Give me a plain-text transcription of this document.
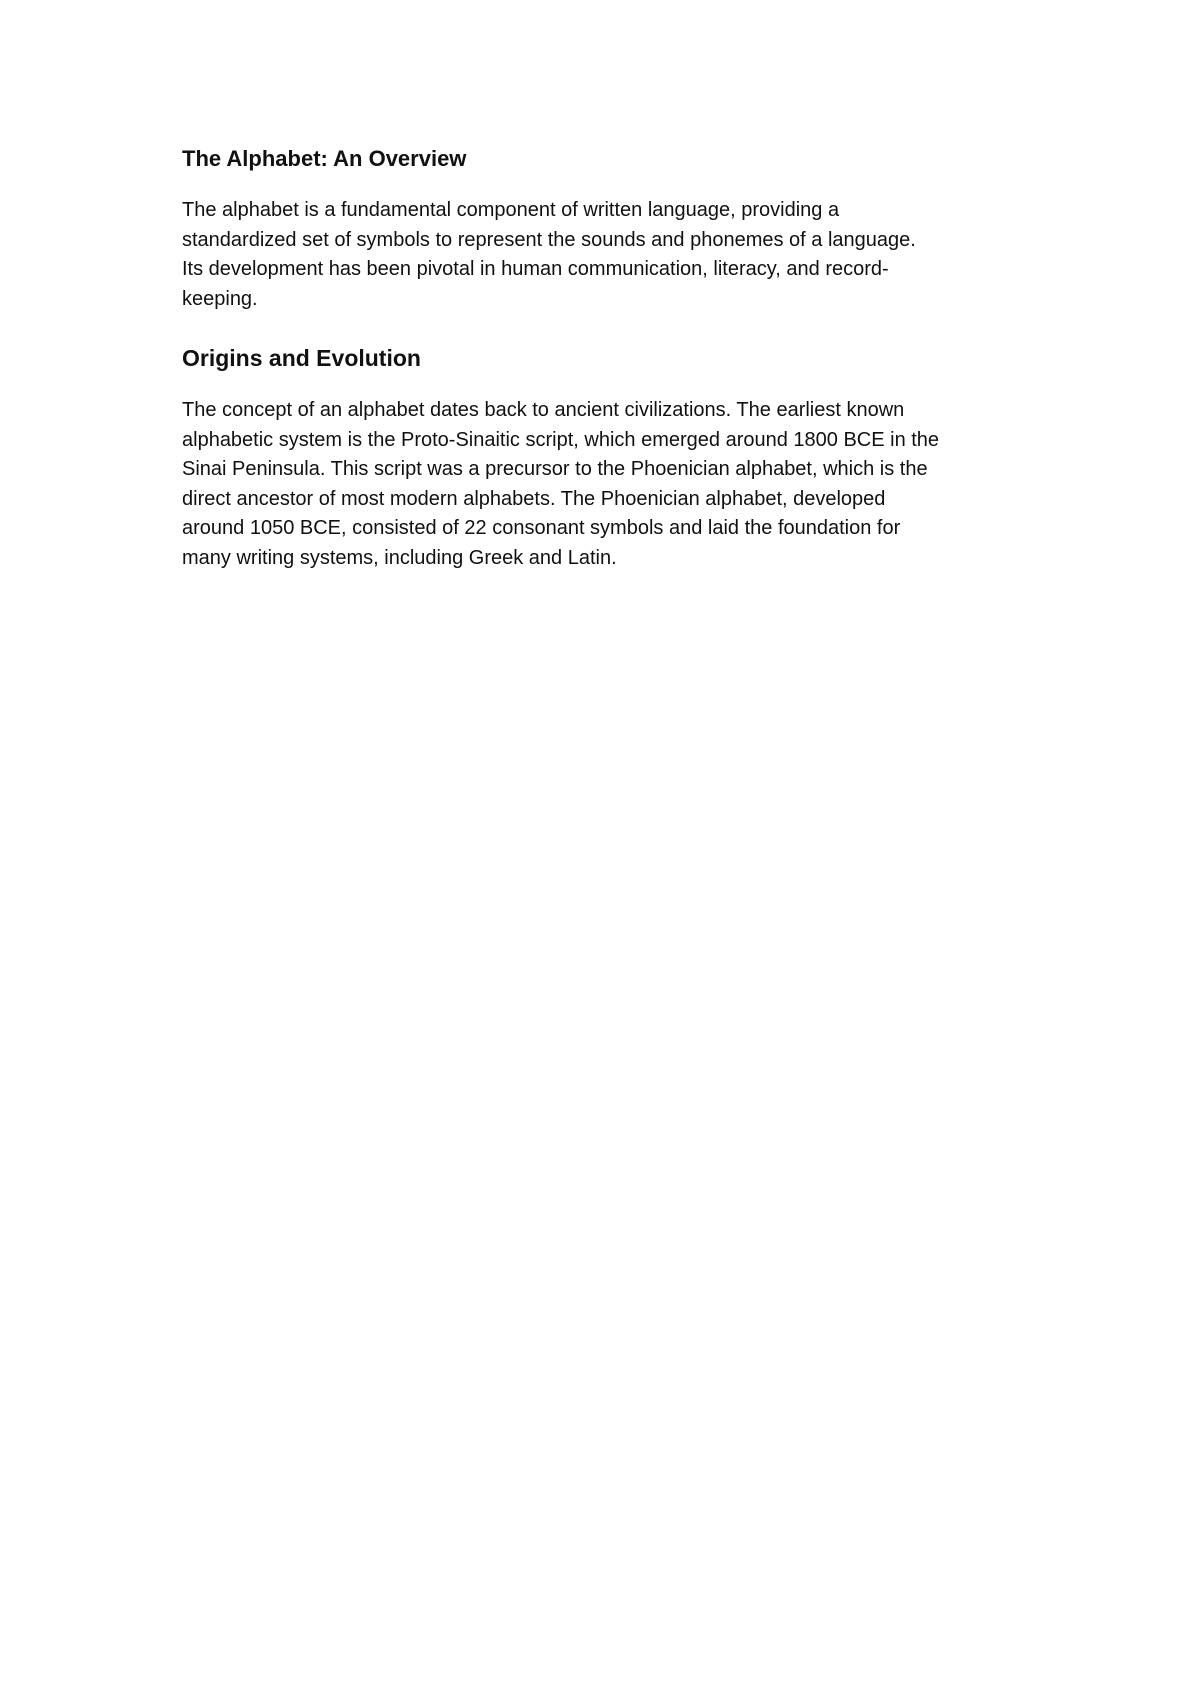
The Alphabet: An Overview

The alphabet is a fundamental component of written language, providing a
standardized set of symbols to represent the sounds and phonemes of a language.
Its development has been pivotal in human communication, literacy, and record-
keeping.

Origins and Evolution

The concept of an alphabet dates back to ancient civilizations. The earliest known
alphabetic system is the Proto-Sinaitic script, which emerged around 1800 BCE in the
Sinai Peninsula. This script was a precursor to the Phoenician alphabet, which is the
direct ancestor of most modern alphabets. The Phoenician alphabet, developed
around 1050 BCE, consisted of 22 consonant symbols and laid the foundation for
many writing systems, including Greek and Latin.
